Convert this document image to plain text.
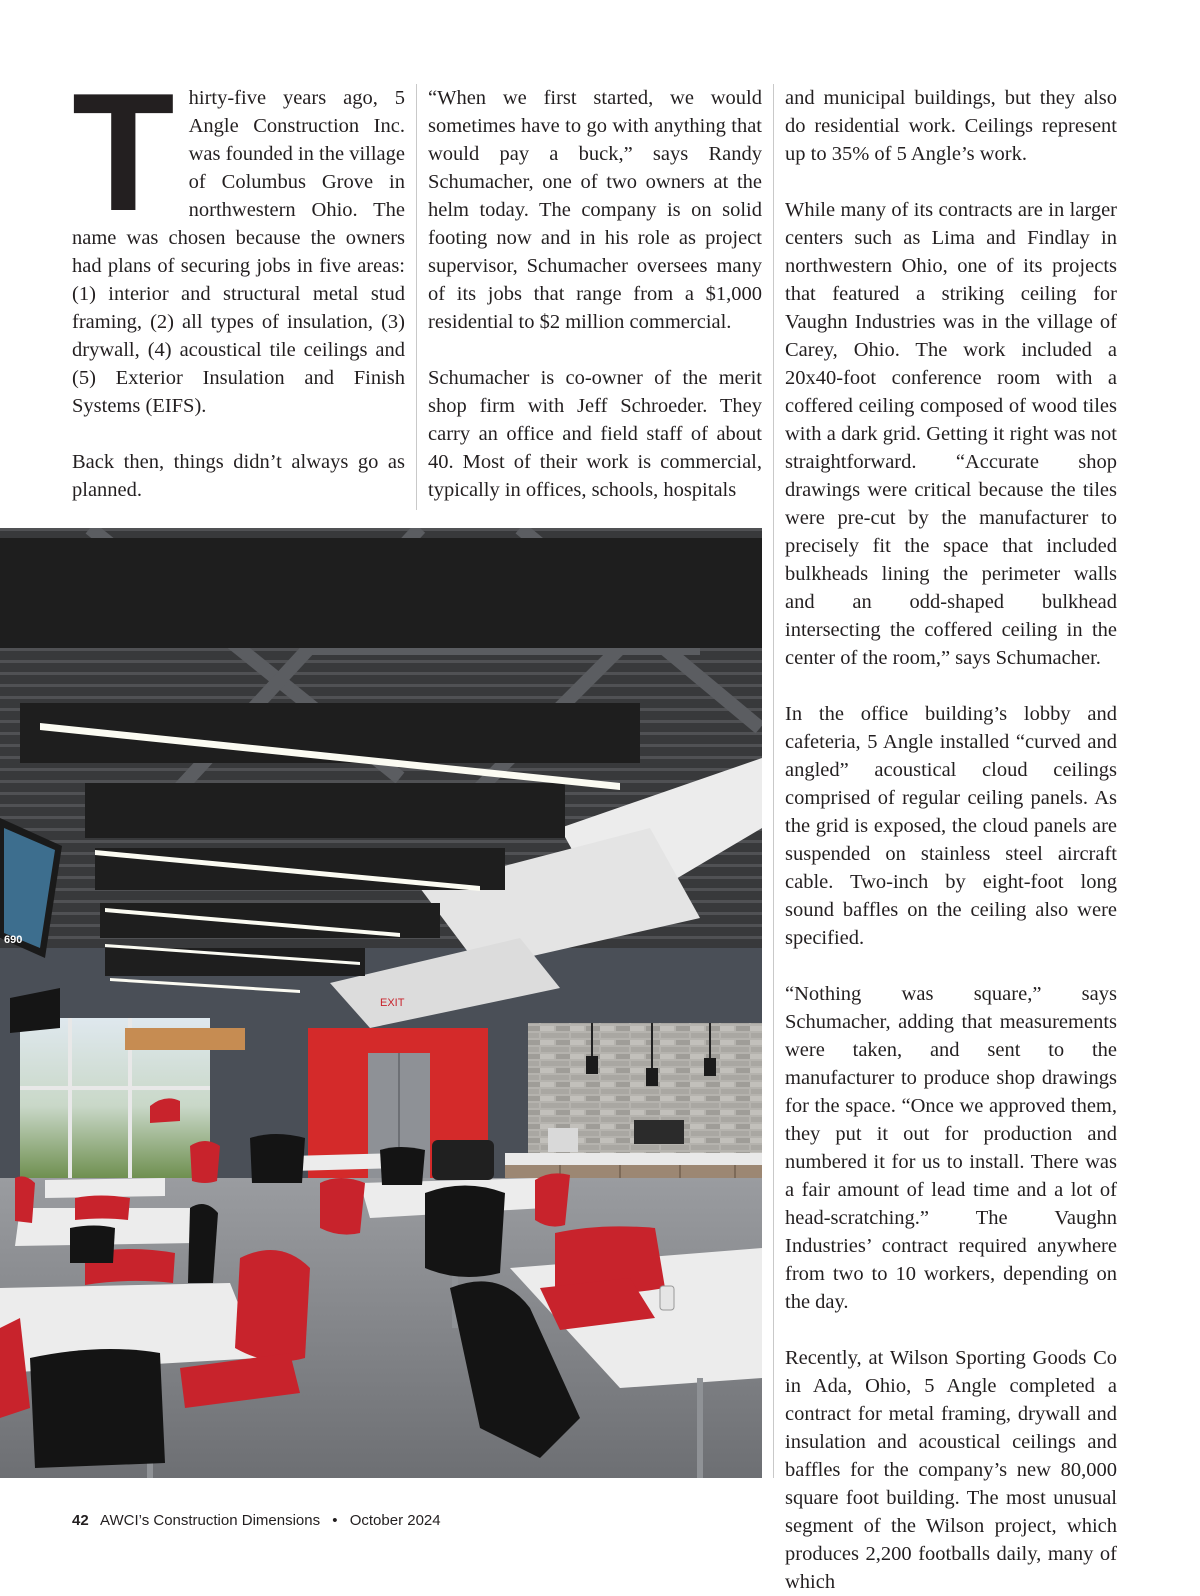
Thirty-five years ago, 5 Angle Construction Inc. was founded in the village of Columbus Grove in northwestern Ohio. The name was chosen because the owners had plans of securing jobs in five areas: (1) interior and structural metal stud framing, (2) all types of insulation, (3) drywall, (4) acoustical tile ceilings and (5) Exterior Insulation and Finish Systems (EIFS).

Back then, things didn’t always go as planned.

“When we first started, we would sometimes have to go with anything that would pay a buck,” says Randy Schumacher, one of two owners at the helm today. The company is on solid footing now and in his role as project supervisor, Schumacher oversees many of its jobs that range from a $1,000 residential to $2 million commercial.

Schumacher is co-owner of the merit shop firm with Jeff Schroeder. They carry an office and field staff of about 40. Most of their work is commercial, typically in offices, schools, hospitals

and municipal buildings, but they also do residential work. Ceilings represent up to 35% of 5 Angle’s work.

While many of its contracts are in larger centers such as Lima and Findlay in northwestern Ohio, one of its projects that featured a striking ceiling for Vaughn Industries was in the village of Carey, Ohio. The work included a 20x40-foot conference room with a coffered ceiling composed of wood tiles with a dark grid. Getting it right was not straightforward. “Accurate shop drawings were critical because the tiles were pre-cut by the manufacturer to precisely fit the space that included bulkheads lining the perimeter walls and an odd-shaped bulkhead intersecting the coffered ceiling in the center of the room,” says Schumacher.

In the office building’s lobby and cafeteria, 5 Angle installed “curved and angled” acoustical cloud ceilings comprised of regular ceiling panels. As the grid is exposed, the cloud panels are suspended on stainless steel aircraft cable. Two-inch by eight-foot long sound baffles on the ceiling also were specified.

“Nothing was square,” says Schumacher, adding that measurements were taken, and sent to the manufacturer to produce shop drawings for the space. “Once we approved them, they put it out for production and numbered it for us to install. There was a fair amount of lead time and a lot of head-scratching.” The Vaughn Industries’ contract required anywhere from two to 10 workers, depending on the day.

Recently, at Wilson Sporting Goods Co in Ada, Ohio, 5 Angle completed a contract for metal framing, drywall and insulation and acoustical ceilings and baffles for the company’s new 80,000 square foot building. The most unusual segment of the Wilson project, which produces 2,200 footballs daily, many of which

EXIT
690
42 AWCI’s Construction Dimensions • October 2024
